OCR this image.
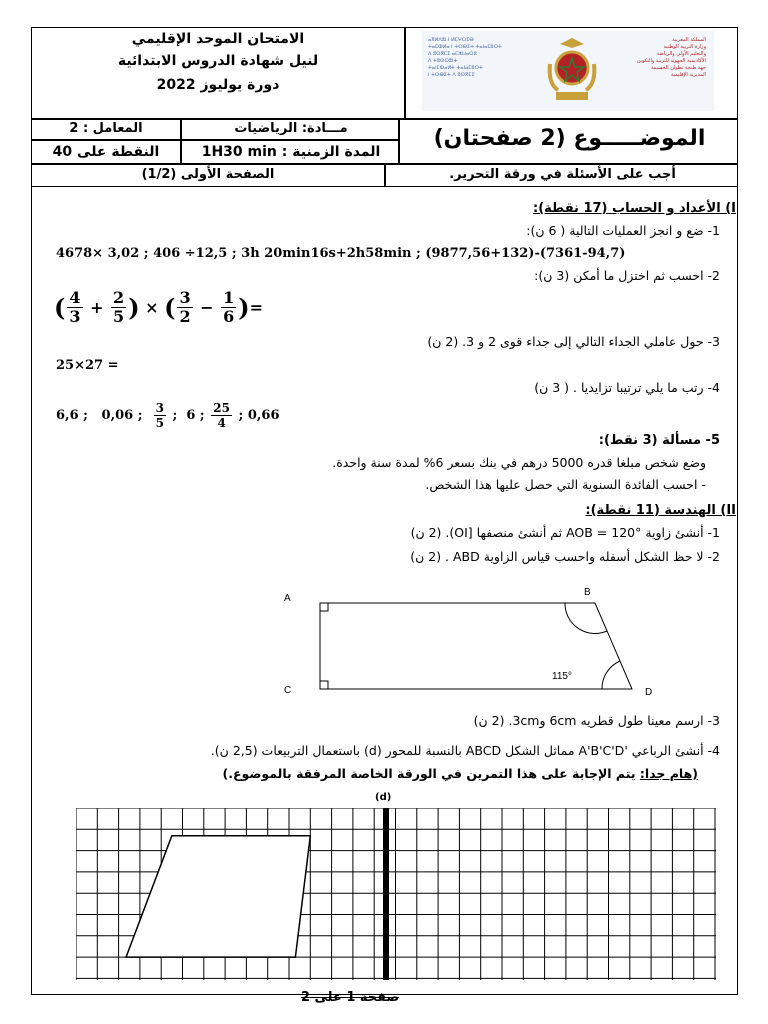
الامتحان الموحد الإقليمي
لنيل شهادة الدروس الابتدائية
دورة يوليوز 2022
ⴰⴳⵍⴷⵓⵏ ⵏ ⵍⵎⵖⵔⵉⴱ
ⵜⴰⵎⵀⵍⴰ ⵏ ⵜⵔⴱⵉⵜ ⵜⴰⵏⴰⵎⵓⵔⵜ
ⴷ ⵓⵙⴳⵎⵉ ⴰⵎⵣⵡⴰⵔⵓ
ⴷ ⵜⵓⵙⵙⵓⵏⵜ
ⵜⴰⵏⵎⵀⴰⵍⵜ ⵜⴰⵏⴰⵎⵓⵔⵜ
ⵏ ⵜⵔⴱⵉⵜ ⴷ ⵓⵙⴳⵎⵉ
المملكة المغربية
وزارة التربية الوطنية
والتعليم الأولي والرياضة
الأكاديمية الجهوية للتربية والتكوين
جهة طنجة تطوان الحسيمة
المديرية الإقليمية
المعامل : 2	مـــادة: الرياضيات
النقطة على 40	المدة الزمنية : 1H30 min
الموضـــــوع (2 صفحتان)
الصفحة الأولى (1/2)	أجب على الأسئلة في ورقة التحرير.
I) الأعداد و الحساب (17 نقطة):
1- ضع و انجز العمليات التالية ( 6 ن):
4678× 3,02 ; 406 ÷12,5 ; 3h 20min16s+2h58min ; (9877,56+132)-(7361-94,7)
2- احسب ثم اختزل ما أمكن (3 ن):
( $\frac{4}{3} + \frac{2}{5}$ ) × ( $\frac{3}{2} - \frac{1}{6}$ )=
3- حول عاملي الجداء التالي إلى جداء قوى 2 و 3. (2 ن)
25×27 =
4- رتب ما يلي ترتيبا تزايديا . ( 3 ن)
6,6 ; 0,06 ; $\frac{3}{5}$ ; 6 ; $\frac{25}{4}$ ; 0,66
5- مسألة (3 نقط):
وضع شخص مبلغا قدره 5000 درهم في بنك بسعر 6% لمدة سنة واحدة.
- احسب الفائدة السنوية التي حصل عليها هذا الشخص.
II) الهندسة (11 نقطة):
1- أنشئ زاوية AOB = 120° ثم أنشئ منصفها [OI). (2 ن)
2- لا حظ الشكل أسفله واحسب قياس الزاوية ABD . (2 ن)
A
B
C	D
115°
3- ارسم معينا طول قطريه 6cm و3cm. (2 ن)
4- أنشئ الرباعي 'A'B'C'D مماثل الشكل ABCD بالنسبة للمحور (d) باستعمال التربيعات (2,5 ن).
(هام جدا: يتم الإجابة على هذا التمرين في الورقة الخاصة المرفقة بالموضوع.)
(d)
صفحة 1 على 2
